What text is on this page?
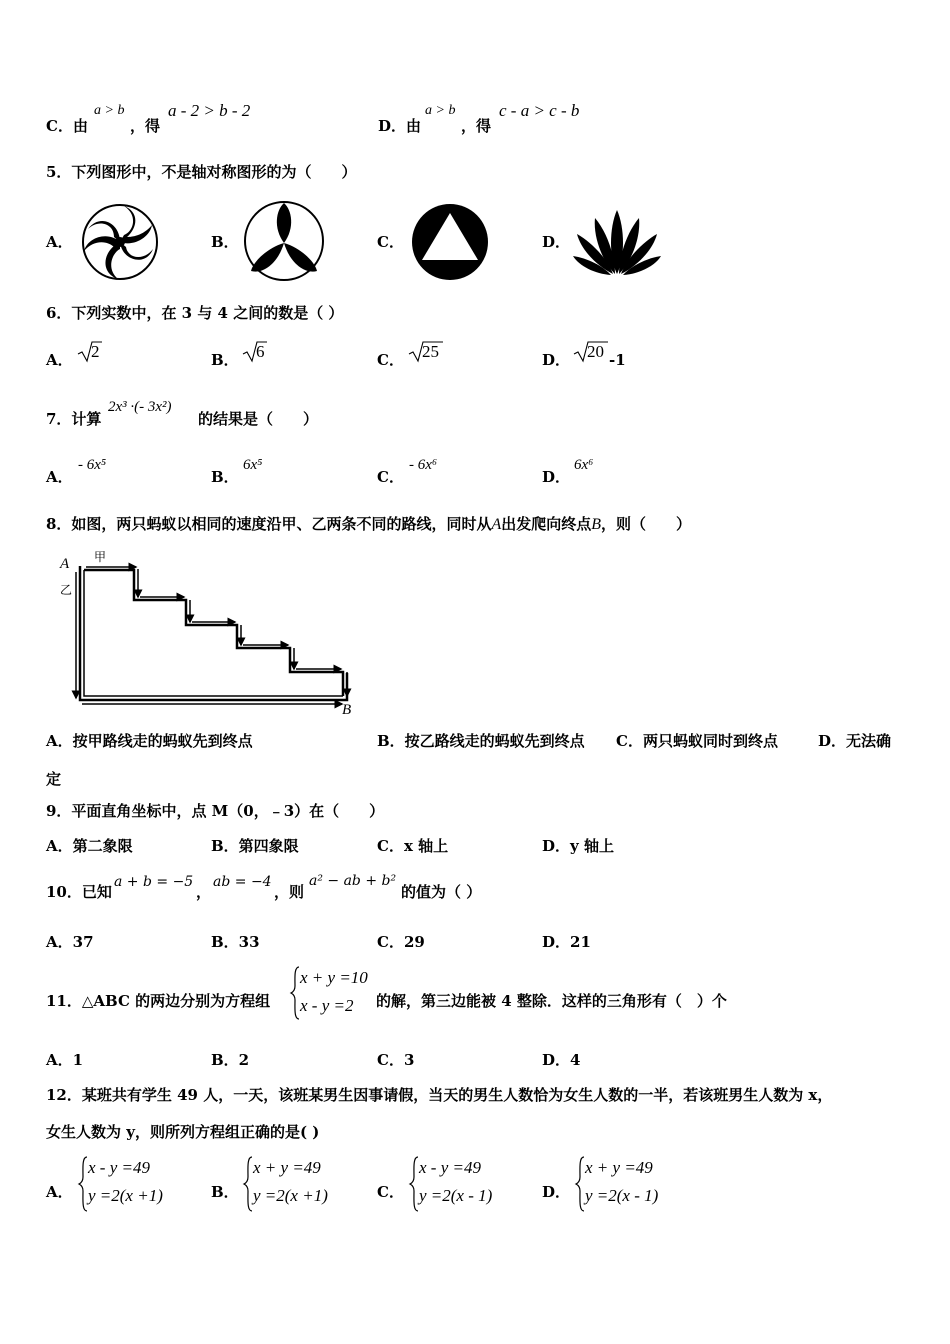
C．由
a > b
，得
a - 2 > b - 2
D．由
a > b
，得
c - a > c - b
5．下列图形中，不是轴对称图形的为（　　）
A．	B．	C．	D．
6．下列实数中，在 3 与 4 之间的数是（ ）
A． 2	B． 6	C． 25	D． 20 -1
7．计算
2x³ ·(- 3x²)
的结果是（　　）
A．
- 6x⁵
B．
6x⁵
C．
- 6x⁶
D．
6x⁶
8．如图，两只蚂蚁以相同的速度沿甲、乙两条不同的路线，同时从A出发爬向终点B，则（　　）
A 甲
乙
B
A．按甲路线走的蚂蚁先到终点	B．按乙路线走的蚂蚁先到终点 C．两只蚂蚁同时到终点	D．无法确
定
9．平面直角坐标中，点 M（0，﹣3）在（　　）
A．第二象限	B．第四象限	C．x 轴上	D．y 轴上
10．已知
a + b = −5
，
ab = −4
，则
a² − ab + b²
的值为（ ）
A．37	B．33	C．29	D．21
11．△ABC 的两边分别为方程组
x + y =10
x - y =2 的解，第三边能被 4 整除．这样的三角形有（　）个
A．1	B．2	C．3	D．4
12．某班共有学生 49 人，一天，该班某男生因事请假，当天的男生人数恰为女生人数的一半，若该班男生人数为 x，
女生人数为 y，则所列方程组正确的是( )
A．
x - y =49
y =2(x +1)	B．
x + y =49
y =2(x +1)	C．
x - y =49
y =2(x - 1)	D．
x + y =49
y =2(x - 1)
